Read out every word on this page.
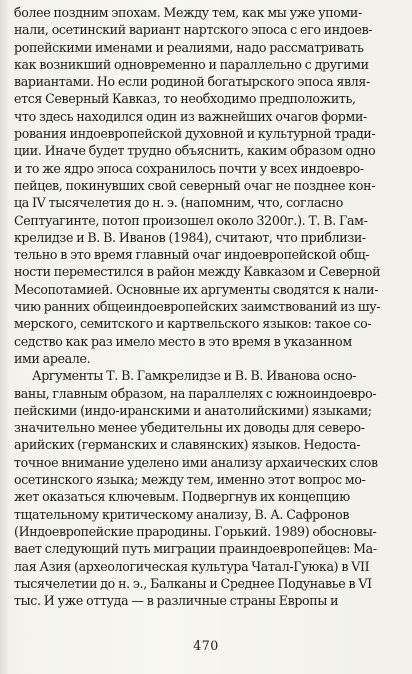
более поздним эпохам. Между тем, как мы уже упоми-
нали, осетинский вариант нартского эпоса с его индоев-
ропейскими именами и реалиями, надо рассматривать
как возникший одновременно и параллельно с другими
вариантами. Но если родиной богатырского эпоса явля-
ется Северный Кавказ, то необходимо предположить,
что здесь находился один из важнейших очагов форми-
рования индоевропейской духовной и культурной тради-
ции. Иначе будет трудно объяснить, каким образом одно
и то же ядро эпоса сохранилось почти у всех индоевро-
пейцев, покинувших свой северный очаг не позднее кон-
ца IV тысячелетия до н. э. (напомним, что, согласно
Септуагинте, потоп произошел около 3200г.). Т. В. Гам-
крелидзе и В. В. Иванов (1984), считают, что приблизи-
тельно в это время главный очаг индоевропейской общ-
ности переместился в район между Кавказом и Северной
Месопотамией. Основные их аргументы сводятся к нали-
чию ранних общеиндоевропейских заимствований из шу-
мерского, семитского и картвельского языков: такое со-
седство как раз имело место в это время в указанном
ими ареале.
Аргументы Т. В. Гамкрелидзе и В. В. Иванова осно-
ваны, главным образом, на параллелях с южноиндоевро-
пейскими (индо-иранскими и анатолийскими) языками;
значительно менее убедительны их доводы для северо-
арийских (германских и славянских) языков. Недоста-
точное внимание уделено ими анализу архаических слов
осетинского языка; между тем, именно этот вопрос мо-
жет оказаться ключевым. Подвергнув их концепцию
тщательному критическому анализу, В. А. Сафронов
(Индоевропейские прародины. Горький. 1989) обосновы-
вает следующий путь миграции праиндоевропейцев: Ма-
лая Азия (археологическая культура Чатал-Гуюка) в VII
тысячелетии до н. э., Балканы и Среднее Подунавье в VI
тыс. И уже оттуда — в различные страны Европы и
470
